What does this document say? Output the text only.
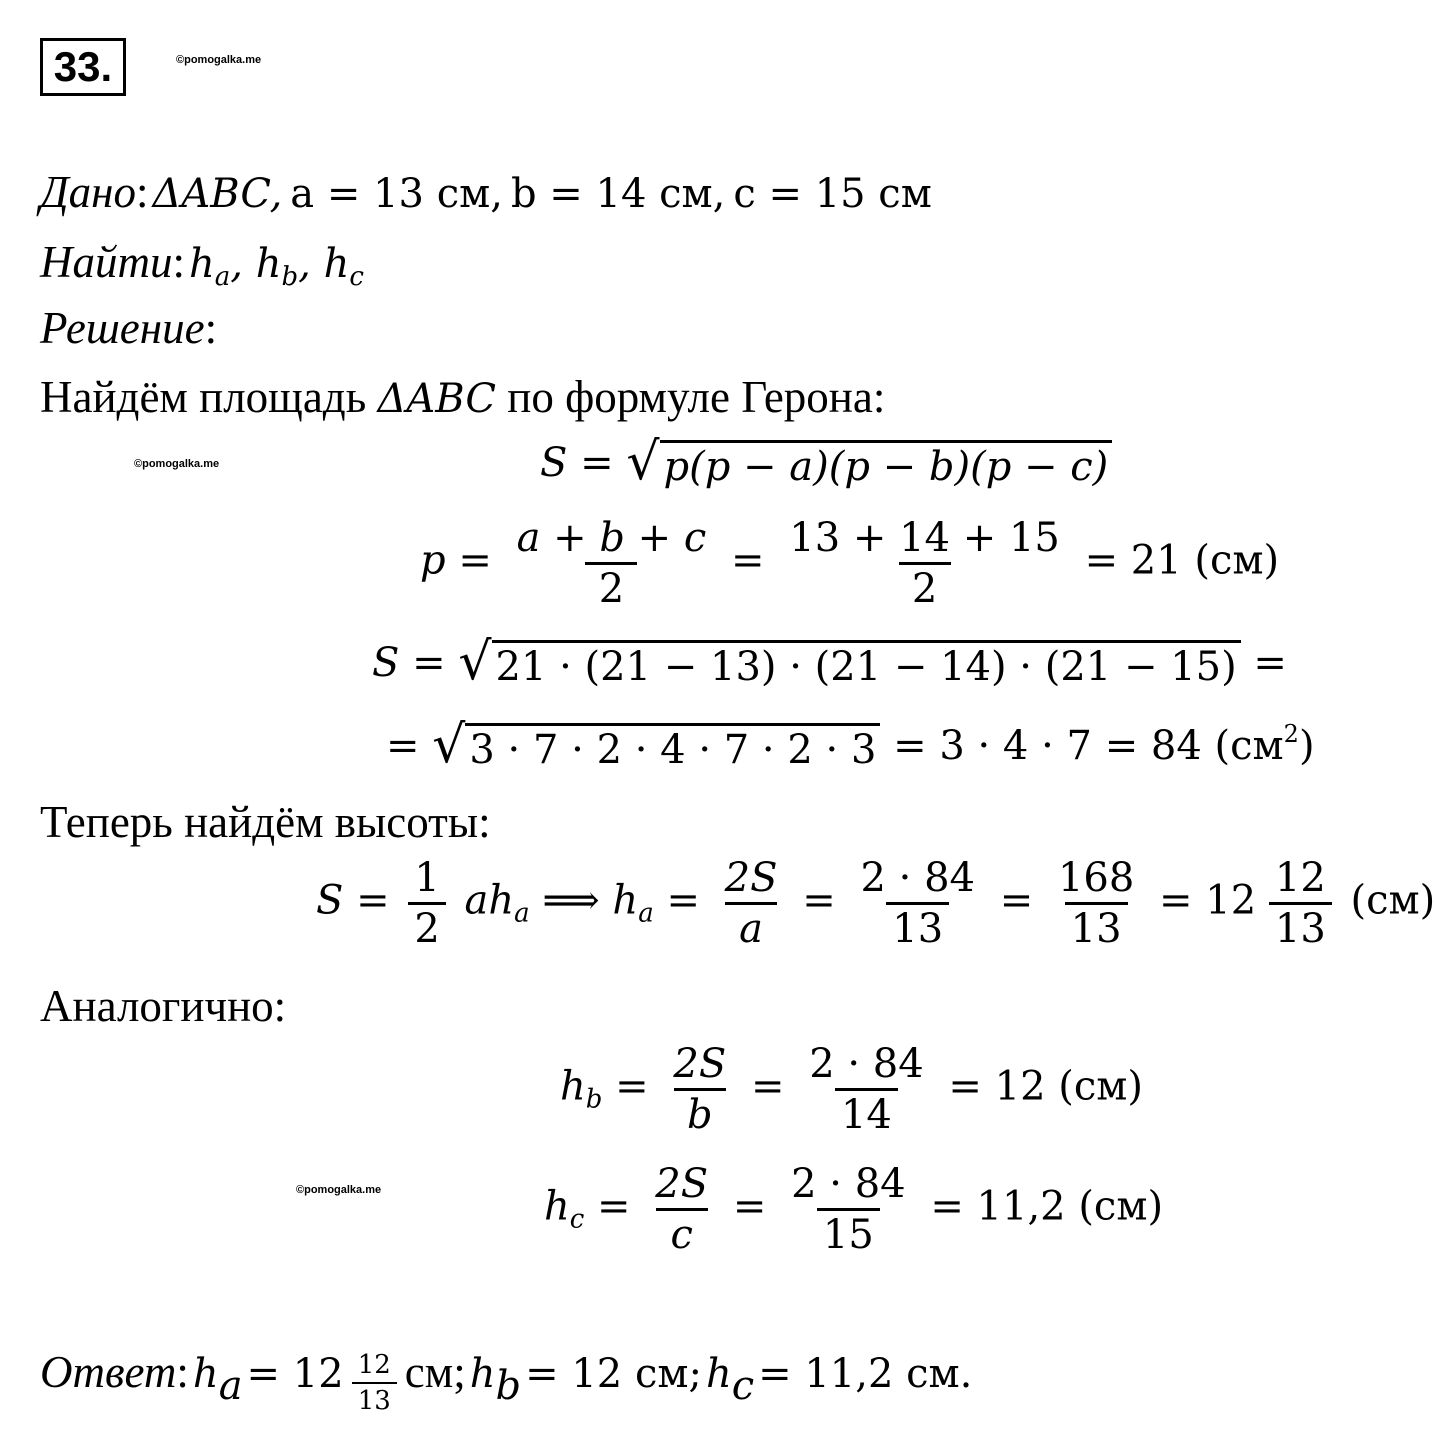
33.	©pomogalka.me
Дано: ΔABC, a = 13 см, b = 14 см, c = 15 см
Найти: $h_a$, $h_b$, $h_c$
Решение:
Найдём площадь ΔABC по формуле Герона:
©pomogalka.me	S = √ p(p − a)(p − b)(p − c)
$p = \frac{a + b + c}{2} = \frac{13 + 14 + 15}{2} = 21$ (см)
S = √ 21 · (21 − 13) · (21 − 14) · (21 − 15) =
= √ 3 · 7 · 2 · 4 · 7 · 2 · 3 = 3 · 4 · 7 = 84 $(см^2)$
Теперь найдём высоты:
$S = \frac{1}{2} ah_a$ ⟹ $h_a = \frac{2S}{a} = \frac{2 \cdot 84}{13} = \frac{168}{13} = 12 \frac{12}{13} (см)$
Аналогично:
$h_b = \frac{2S}{b} = \frac{2 \cdot 84}{14} = 12$ (см)
©pomogalka.me	$h_c = \frac{2S}{c} = \frac{2 \cdot 84}{15} = 11,2$ (см)
Ответ: $h_a = 12 \frac{12}{13}$ см; $h_b = 12$ см; $h_c = 11,2$ см.
